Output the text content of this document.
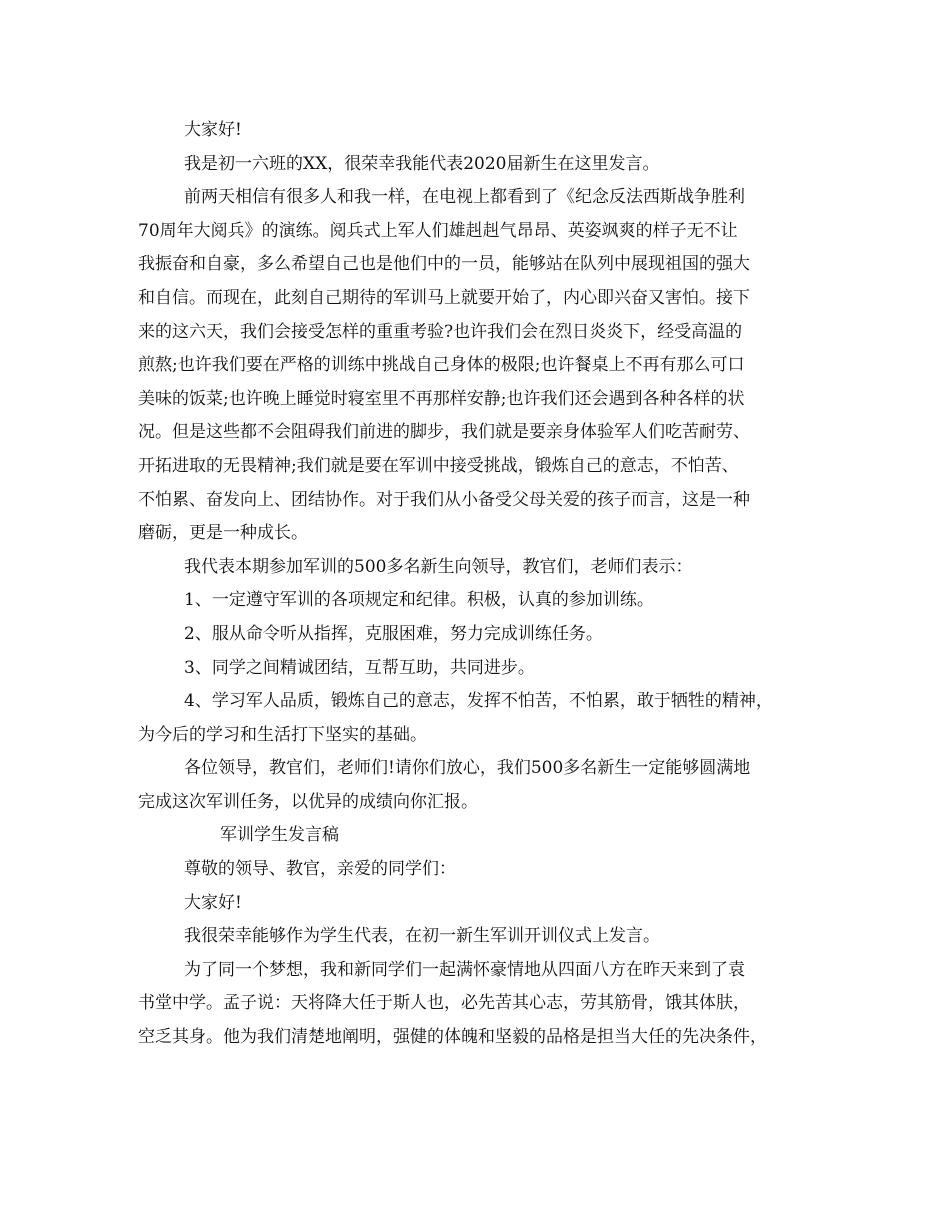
大家好!
我是初一六班的XX，很荣幸我能代表2020届新生在这里发言。
前两天相信有很多人和我一样，在电视上都看到了《纪念反法西斯战争胜利
70周年大阅兵》的演练。阅兵式上军人们雄赳赳气昂昂、英姿飒爽的样子无不让
我振奋和自豪，多么希望自己也是他们中的一员，能够站在队列中展现祖国的强大
和自信。而现在，此刻自己期待的军训马上就要开始了，内心即兴奋又害怕。接下
来的这六天，我们会接受怎样的重重考验?也许我们会在烈日炎炎下，经受高温的
煎熬;也许我们要在严格的训练中挑战自己身体的极限;也许餐桌上不再有那么可口
美味的饭菜;也许晚上睡觉时寝室里不再那样安静;也许我们还会遇到各种各样的状
况。但是这些都不会阻碍我们前进的脚步，我们就是要亲身体验军人们吃苦耐劳、
开拓进取的无畏精神;我们就是要在军训中接受挑战，锻炼自己的意志，不怕苦、
不怕累、奋发向上、团结协作。对于我们从小备受父母关爱的孩子而言，这是一种
磨砺，更是一种成长。
我代表本期参加军训的500多名新生向领导，教官们，老师们表示：
1、一定遵守军训的各项规定和纪律。积极，认真的参加训练。
2、服从命令听从指挥，克服困难，努力完成训练任务。
3、同学之间精诚团结，互帮互助，共同进步。
4、学习军人品质，锻炼自己的意志，发挥不怕苦，不怕累，敢于牺牲的精神，
为今后的学习和生活打下坚实的基础。
各位领导，教官们，老师们!请你们放心，我们500多名新生一定能够圆满地
完成这次军训任务，以优异的成绩向你汇报。
军训学生发言稿
尊敬的领导、教官，亲爱的同学们：
大家好!
我很荣幸能够作为学生代表，在初一新生军训开训仪式上发言。
为了同一个梦想，我和新同学们一起满怀豪情地从四面八方在昨天来到了袁
书堂中学。孟子说：天将降大任于斯人也，必先苦其心志，劳其筋骨，饿其体肤，
空乏其身。他为我们清楚地阐明，强健的体魄和坚毅的品格是担当大任的先决条件，
